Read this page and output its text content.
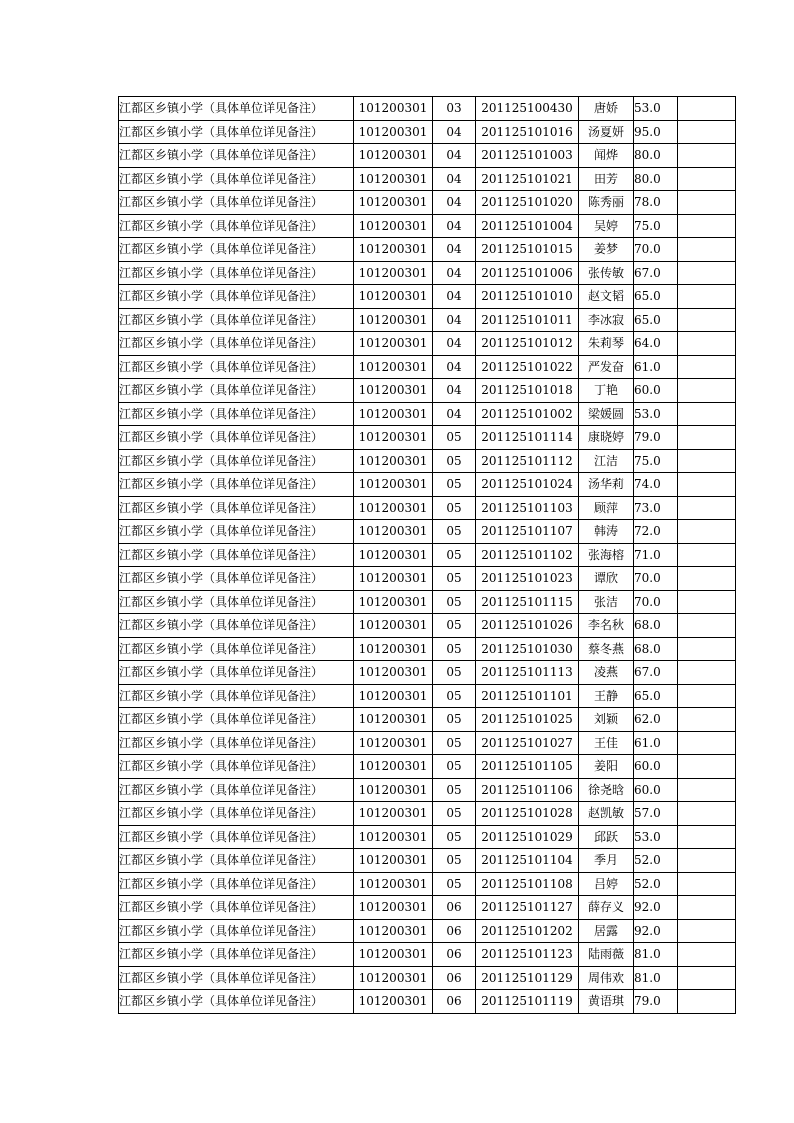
江都区乡镇小学（具体单位详见备注）	101200301	03	201125100430	唐娇	53.0	
江都区乡镇小学（具体单位详见备注）	101200301	04	201125101016	汤夏妍	95.0	
江都区乡镇小学（具体单位详见备注）	101200301	04	201125101003	闻烨	80.0	
江都区乡镇小学（具体单位详见备注）	101200301	04	201125101021	田芳	80.0	
江都区乡镇小学（具体单位详见备注）	101200301	04	201125101020	陈秀丽	78.0	
江都区乡镇小学（具体单位详见备注）	101200301	04	201125101004	吴婷	75.0	
江都区乡镇小学（具体单位详见备注）	101200301	04	201125101015	姜梦	70.0	
江都区乡镇小学（具体单位详见备注）	101200301	04	201125101006	张传敏	67.0	
江都区乡镇小学（具体单位详见备注）	101200301	04	201125101010	赵文韬	65.0	
江都区乡镇小学（具体单位详见备注）	101200301	04	201125101011	李冰寂	65.0	
江都区乡镇小学（具体单位详见备注）	101200301	04	201125101012	朱莉琴	64.0	
江都区乡镇小学（具体单位详见备注）	101200301	04	201125101022	严发奋	61.0	
江都区乡镇小学（具体单位详见备注）	101200301	04	201125101018	丁艳	60.0	
江都区乡镇小学（具体单位详见备注）	101200301	04	201125101002	梁媛圆	53.0	
江都区乡镇小学（具体单位详见备注）	101200301	05	201125101114	康晓婷	79.0	
江都区乡镇小学（具体单位详见备注）	101200301	05	201125101112	江洁	75.0	
江都区乡镇小学（具体单位详见备注）	101200301	05	201125101024	汤华莉	74.0	
江都区乡镇小学（具体单位详见备注）	101200301	05	201125101103	顾萍	73.0	
江都区乡镇小学（具体单位详见备注）	101200301	05	201125101107	韩涛	72.0	
江都区乡镇小学（具体单位详见备注）	101200301	05	201125101102	张海榕	71.0	
江都区乡镇小学（具体单位详见备注）	101200301	05	201125101023	谭欣	70.0	
江都区乡镇小学（具体单位详见备注）	101200301	05	201125101115	张洁	70.0	
江都区乡镇小学（具体单位详见备注）	101200301	05	201125101026	李名秋	68.0	
江都区乡镇小学（具体单位详见备注）	101200301	05	201125101030	蔡冬燕	68.0	
江都区乡镇小学（具体单位详见备注）	101200301	05	201125101113	凌燕	67.0	
江都区乡镇小学（具体单位详见备注）	101200301	05	201125101101	王静	65.0	
江都区乡镇小学（具体单位详见备注）	101200301	05	201125101025	刘颖	62.0	
江都区乡镇小学（具体单位详见备注）	101200301	05	201125101027	王佳	61.0	
江都区乡镇小学（具体单位详见备注）	101200301	05	201125101105	姜阳	60.0	
江都区乡镇小学（具体单位详见备注）	101200301	05	201125101106	徐尧晗	60.0	
江都区乡镇小学（具体单位详见备注）	101200301	05	201125101028	赵凯敏	57.0	
江都区乡镇小学（具体单位详见备注）	101200301	05	201125101029	邱跃	53.0	
江都区乡镇小学（具体单位详见备注）	101200301	05	201125101104	季月	52.0	
江都区乡镇小学（具体单位详见备注）	101200301	05	201125101108	吕婷	52.0	
江都区乡镇小学（具体单位详见备注）	101200301	06	201125101127	薛存义	92.0	
江都区乡镇小学（具体单位详见备注）	101200301	06	201125101202	居露	92.0	
江都区乡镇小学（具体单位详见备注）	101200301	06	201125101123	陆雨薇	81.0	
江都区乡镇小学（具体单位详见备注）	101200301	06	201125101129	周伟欢	81.0	
江都区乡镇小学（具体单位详见备注）	101200301	06	201125101119	黄语琪	79.0	
